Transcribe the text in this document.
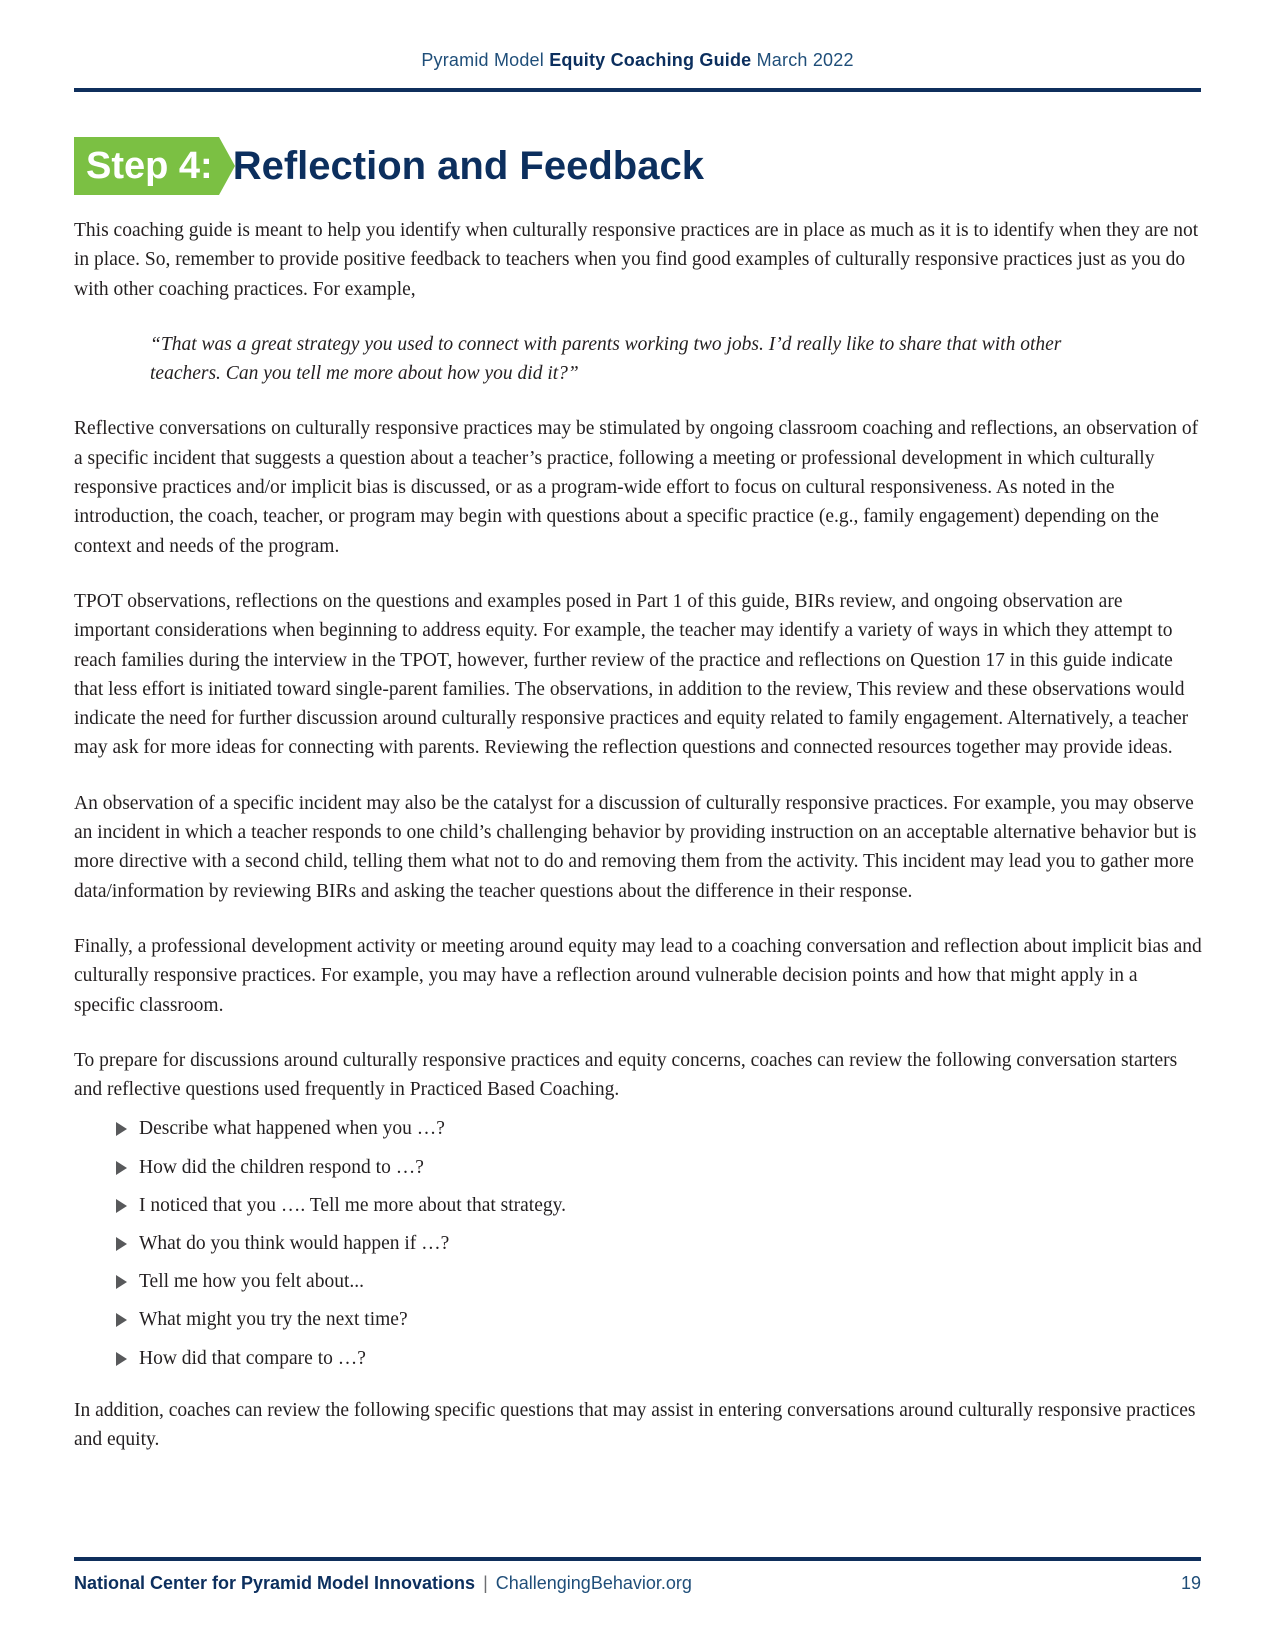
Pyramid Model Equity Coaching Guide March 2022
Step 4: Reflection and Feedback

This coaching guide is meant to help you identify when culturally responsive practices are in place as much as it is to identify when they are not in place. So, remember to provide positive feedback to teachers when you find good examples of culturally responsive practices just as you do with other coaching practices. For example,

“That was a great strategy you used to connect with parents working two jobs. I’d really like to share that with other teachers. Can you tell me more about how you did it?”

Reflective conversations on culturally responsive practices may be stimulated by ongoing classroom coaching and reflections, an observation of a specific incident that suggests a question about a teacher’s practice, following a meeting or professional development in which culturally responsive practices and/or implicit bias is discussed, or as a program-wide effort to focus on cultural responsiveness. As noted in the introduction, the coach, teacher, or program may begin with questions about a specific practice (e.g., family engagement) depending on the context and needs of the program.

TPOT observations, reflections on the questions and examples posed in Part 1 of this guide, BIRs review, and ongoing observation are important considerations when beginning to address equity. For example, the teacher may identify a variety of ways in which they attempt to reach families during the interview in the TPOT, however, further review of the practice and reflections on Question 17 in this guide indicate that less effort is initiated toward single-parent families. The observations, in addition to the review, This review and these observations would indicate the need for further discussion around culturally responsive practices and equity related to family engagement. Alternatively, a teacher may ask for more ideas for connecting with parents. Reviewing the reflection questions and connected resources together may provide ideas.

An observation of a specific incident may also be the catalyst for a discussion of culturally responsive practices. For example, you may observe an incident in which a teacher responds to one child’s challenging behavior by providing instruction on an acceptable alternative behavior but is more directive with a second child, telling them what not to do and removing them from the activity. This incident may lead you to gather more data/information by reviewing BIRs and asking the teacher questions about the difference in their response.

Finally, a professional development activity or meeting around equity may lead to a coaching conversation and reflection about implicit bias and culturally responsive practices. For example, you may have a reflection around vulnerable decision points and how that might apply in a specific classroom.

To prepare for discussions around culturally responsive practices and equity concerns, coaches can review the following conversation starters and reflective questions used frequently in Practiced Based Coaching.

Describe what happened when you …?
How did the children respond to …?
I noticed that you …. Tell me more about that strategy.
What do you think would happen if …?
Tell me how you felt about...
What might you try the next time?
How did that compare to …?

In addition, coaches can review the following specific questions that may assist in entering conversations around culturally responsive practices and equity.

National Center for Pyramid Model Innovations | ChallengingBehavior.org	19
